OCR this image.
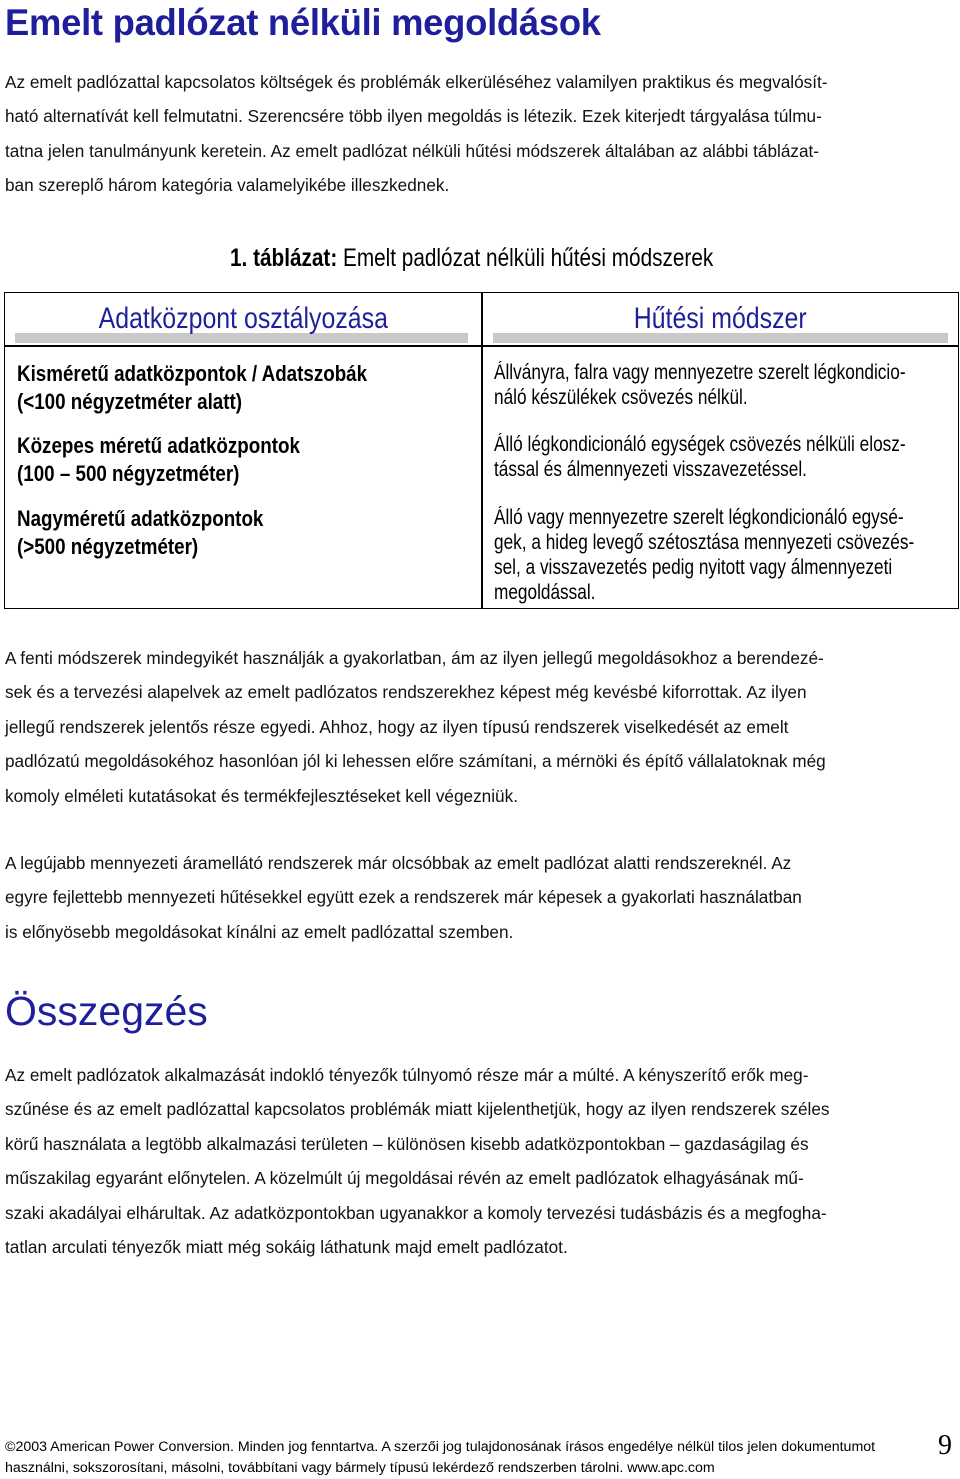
Emelt padlózat nélküli megoldások
Az emelt padlózattal kapcsolatos költségek és problémák elkerüléséhez valamilyen praktikus és megvalósít-
ható alternatívát kell felmutatni. Szerencsére több ilyen megoldás is létezik. Ezek kiterjedt tárgyalása túlmu-
tatna jelen tanulmányunk keretein. Az emelt padlózat nélküli hűtési módszerek általában az alábbi táblázat-
ban szereplő három kategória valamelyikébe illeszkednek.
1. táblázat: Emelt padlózat nélküli hűtési módszerek
Adatközpont osztályozása	Hűtési módszer
Kisméretű adatközpontok / Adatszobák
(<100 négyzetméter alatt)
Állványra, falra vagy mennyezetre szerelt légkondicio-
náló készülékek csövezés nélkül.
Közepes méretű adatközpontok
(100 – 500 négyzetméter)
Álló légkondicionáló egységek csövezés nélküli elosz-
tással és álmennyezeti visszavezetéssel.
Nagyméretű adatközpontok
(>500 négyzetméter)
Álló vagy mennyezetre szerelt légkondicionáló egysé-
gek, a hideg levegő szétosztása mennyezeti csövezés-
sel, a visszavezetés pedig nyitott vagy álmennyezeti
megoldással.
A fenti módszerek mindegyikét használják a gyakorlatban, ám az ilyen jellegű megoldásokhoz a berendezé-
sek és a tervezési alapelvek az emelt padlózatos rendszerekhez képest még kevésbé kiforrottak. Az ilyen
jellegű rendszerek jelentős része egyedi. Ahhoz, hogy az ilyen típusú rendszerek viselkedését az emelt
padlózatú megoldásokéhoz hasonlóan jól ki lehessen előre számítani, a mérnöki és építő vállalatoknak még
komoly elméleti kutatásokat és termékfejlesztéseket kell végezniük.
A legújabb mennyezeti áramellátó rendszerek már olcsóbbak az emelt padlózat alatti rendszereknél. Az
egyre fejlettebb mennyezeti hűtésekkel együtt ezek a rendszerek már képesek a gyakorlati használatban
is előnyösebb megoldásokat kínálni az emelt padlózattal szemben.
Összegzés
Az emelt padlózatok alkalmazását indokló tényezők túlnyomó része már a múlté. A kényszerítő erők meg-
szűnése és az emelt padlózattal kapcsolatos problémák miatt kijelenthetjük, hogy az ilyen rendszerek széles
körű használata a legtöbb alkalmazási területen – különösen kisebb adatközpontokban – gazdaságilag és
műszakilag egyaránt előnytelen. A közelmúlt új megoldásai révén az emelt padlózatok elhagyásának mű-
szaki akadályai elhárultak. Az adatközpontokban ugyanakkor a komoly tervezési tudásbázis és a megfogha-
tatlan arculati tényezők miatt még sokáig láthatunk majd emelt padlózatot.
©2003 American Power Conversion. Minden jog fenntartva. A szerzői jog tulajdonosának írásos engedélye nélkül tilos jelen dokumentumot
használni, sokszorosítani, másolni, továbbítani vagy bármely típusú lekérdező rendszerben tárolni. www.apc.com
9
